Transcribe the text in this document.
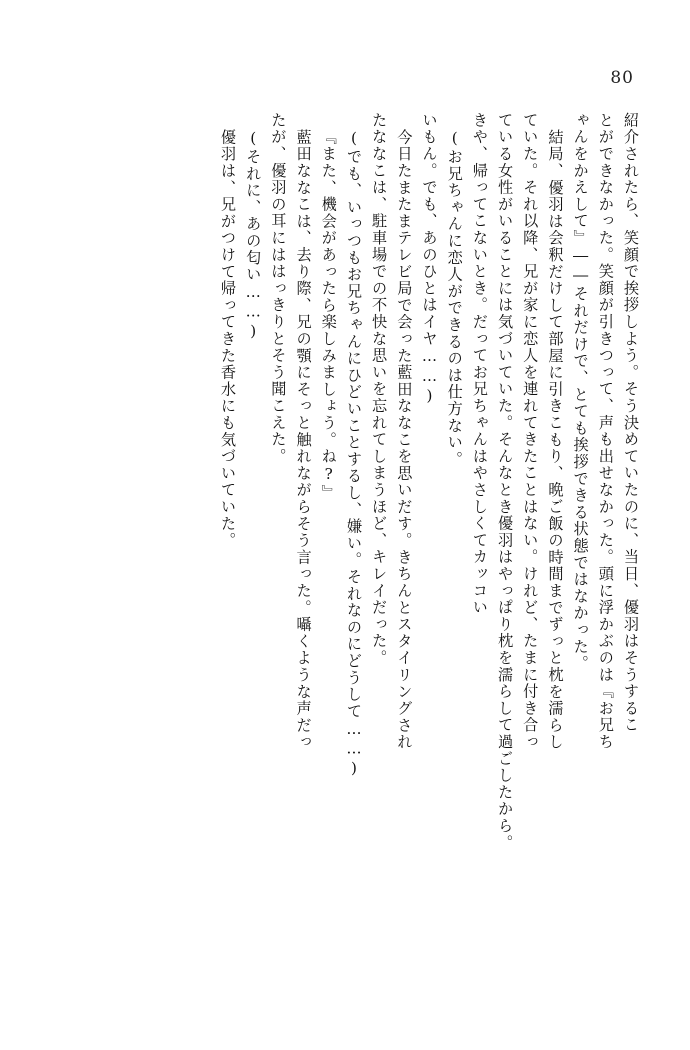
80
紹介されたら、笑顔で挨拶しよう。そう決めていたのに、当日、優羽はそうするこ
とができなかった。笑顔が引きつって、声も出せなかった。頭に浮かぶのは『お兄ち
ゃんをかえして』――それだけで、とても挨拶できる状態ではなかった。
結局、優羽は会釈だけして部屋に引きこもり、晩ご飯の時間までずっと枕を濡らし
ていた。それ以降、兄が家に恋人を連れてきたことはない。けれど、たまに付き合っ
ている女性がいることには気づいていた。そんなとき優羽はやっぱり枕を濡らして過ごしたから。
きや、帰ってこないとき。だってお兄ちゃんはやさしくてカッコい
(お兄ちゃんに恋人ができるのは仕方ない。
いもん。でも、あのひとはイヤ……)
今日たまたまテレビ局で会った藍田ななこを思いだす。きちんとスタイリングされ
たななこは、駐車場での不快な思いを忘れてしまうほど、キレイだった。
(でも、いっつもお兄ちゃんにひどいことするし、嫌い。それなのにどうして……)
『また、機会があったら楽しみましょう。ね?』
藍田ななこは、去り際、兄の顎にそっと触れながらそう言った。囁くような声だっ
たが、優羽の耳にははっきりとそう聞こえた。
(それに、あの匂い……)
優羽は、兄がつけて帰ってきた香水にも気づいていた。
